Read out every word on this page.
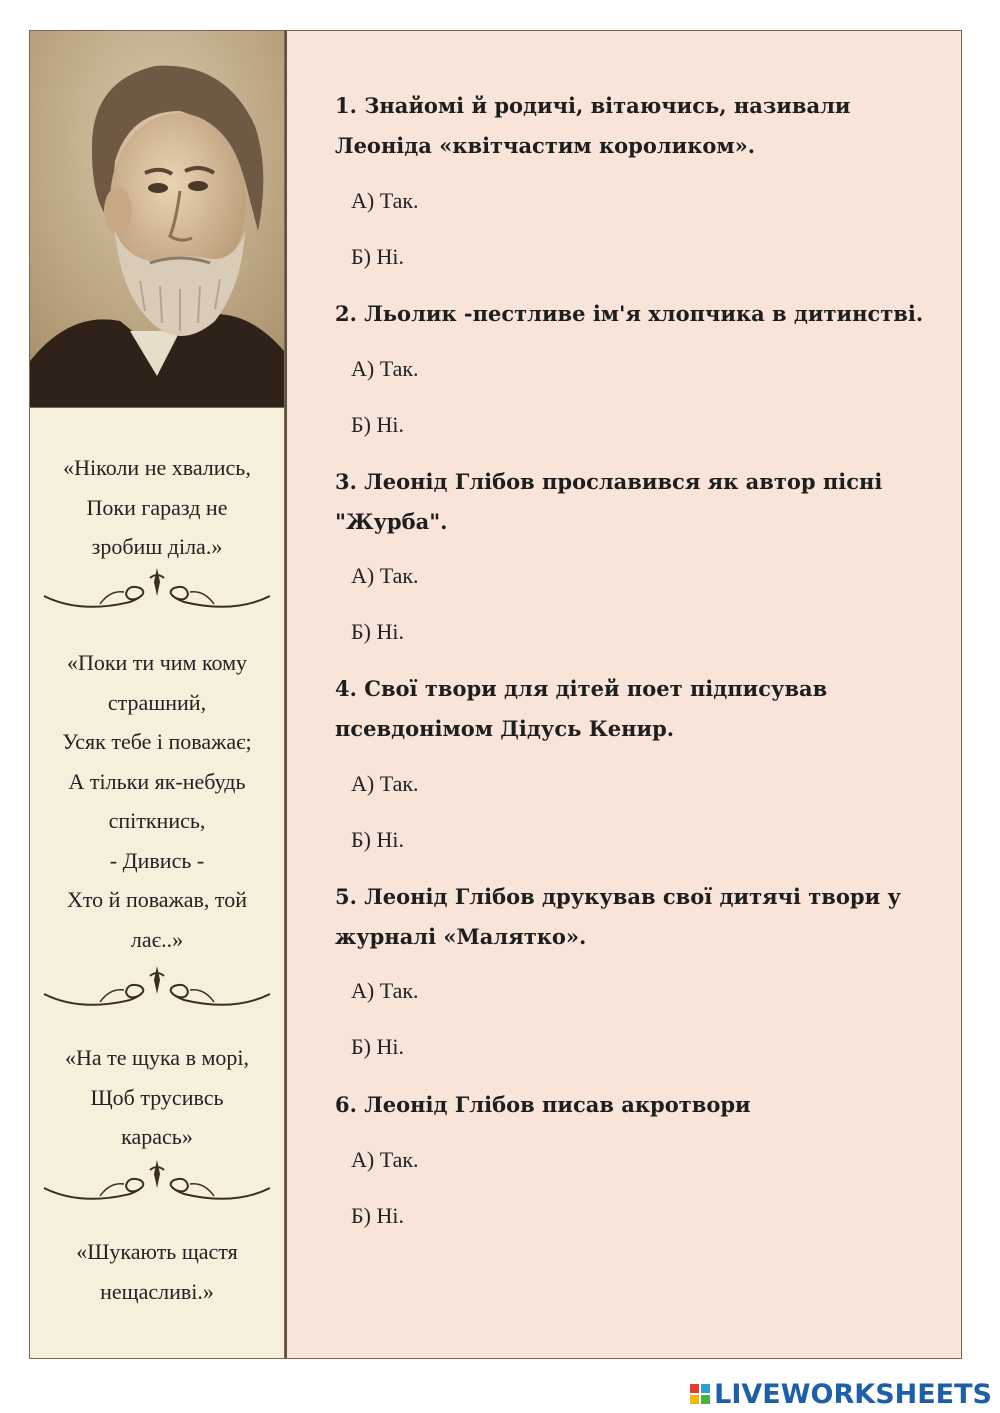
«Ніколи не хвались,
Поки гаразд не
зробиш діла.»
«Поки ти чим кому
страшний,
Усяк тебе і поважає;
А тільки як-небудь
спіткнись,
- Дивись -
Хто й поважав, той
лає..»
«На те щука в морі,
Щоб трусивсь
карась»
«Шукають щастя
нещасливі.»
1. Знайомі й родичі, вітаючись, називали
Леоніда «квітчастим короликом».
А) Так.
Б) Ні.
2. Льолик -пестливе ім'я хлопчика в дитинстві.
А) Так.
Б) Ні.
3. Леонід Глібов прославився як автор пісні
"Журба".
А) Так.
Б) Ні.
4. Свої твори для дітей поет підписував
псевдонімом Дідусь Кенир.
А) Так.
Б) Ні.
5. Леонід Глібов друкував свої дитячі твори у
журналі «Малятко».
А) Так.
Б) Ні.
6. Леонід Глібов писав акротвори
А) Так.
Б) Ні.
LIVEWORKSHEETS
